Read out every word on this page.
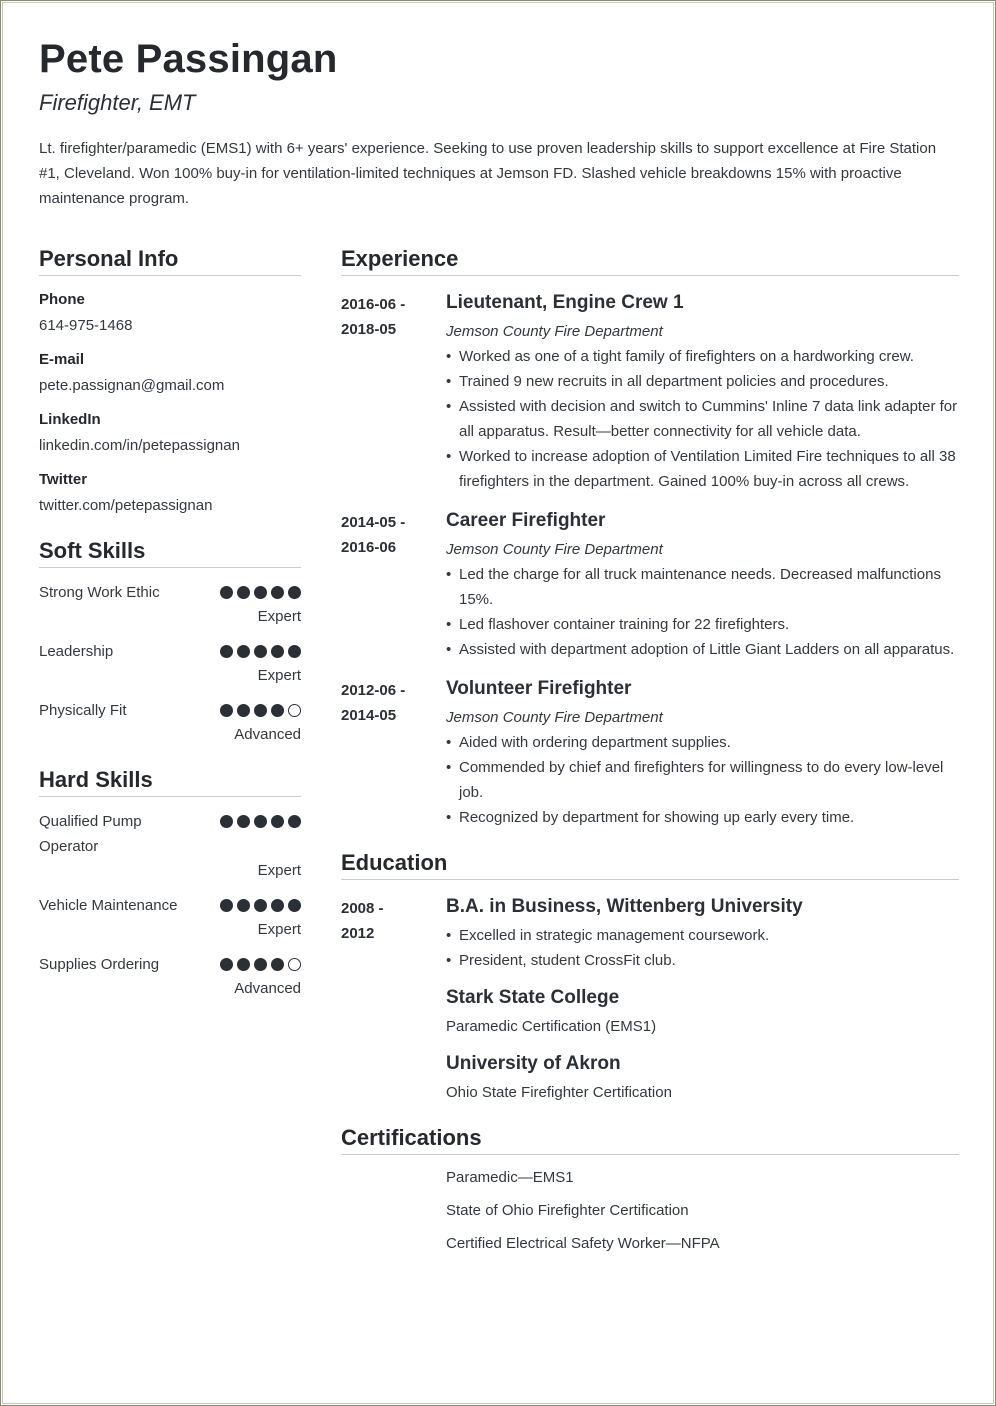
Pete Passingan
Firefighter, EMT
Lt. firefighter/paramedic (EMS1) with 6+ years' experience. Seeking to use proven leadership skills to support excellence at Fire Station #1, Cleveland. Won 100% buy-in for ventilation-limited techniques at Jemson FD. Slashed vehicle breakdowns 15% with proactive maintenance program.
Personal Info
Phone
614-975-1468
E-mail
pete.passignan@gmail.com
LinkedIn
linkedin.com/in/petepassignan
Twitter
twitter.com/petepassignan
Soft Skills
Strong Work Ethic
Expert
Leadership
Expert
Physically Fit
Advanced
Hard Skills
Qualified Pump Operator
Expert
Vehicle Maintenance
Expert
Supplies Ordering
Advanced
Experience
2016-06 -
2018-05
Lieutenant, Engine Crew 1
Jemson County Fire Department
• Worked as one of a tight family of firefighters on a hardworking crew.
• Trained 9 new recruits in all department policies and procedures.
• Assisted with decision and switch to Cummins' Inline 7 data link adapter for all apparatus. Result—better connectivity for all vehicle data.
• Worked to increase adoption of Ventilation Limited Fire techniques to all 38 firefighters in the department. Gained 100% buy-in across all crews.
2014-05 -
2016-06
Career Firefighter
Jemson County Fire Department
• Led the charge for all truck maintenance needs. Decreased malfunctions 15%.
• Led flashover container training for 22 firefighters.
• Assisted with department adoption of Little Giant Ladders on all apparatus.
2012-06 -
2014-05
Volunteer Firefighter
Jemson County Fire Department
• Aided with ordering department supplies.
• Commended by chief and firefighters for willingness to do every low-level job.
• Recognized by department for showing up early every time.
Education
2008 -
2012
B.A. in Business, Wittenberg University
• Excelled in strategic management coursework.
• President, student CrossFit club.
Stark State College
Paramedic Certification (EMS1)
University of Akron
Ohio State Firefighter Certification
Certifications
Paramedic—EMS1
State of Ohio Firefighter Certification
Certified Electrical Safety Worker—NFPA
